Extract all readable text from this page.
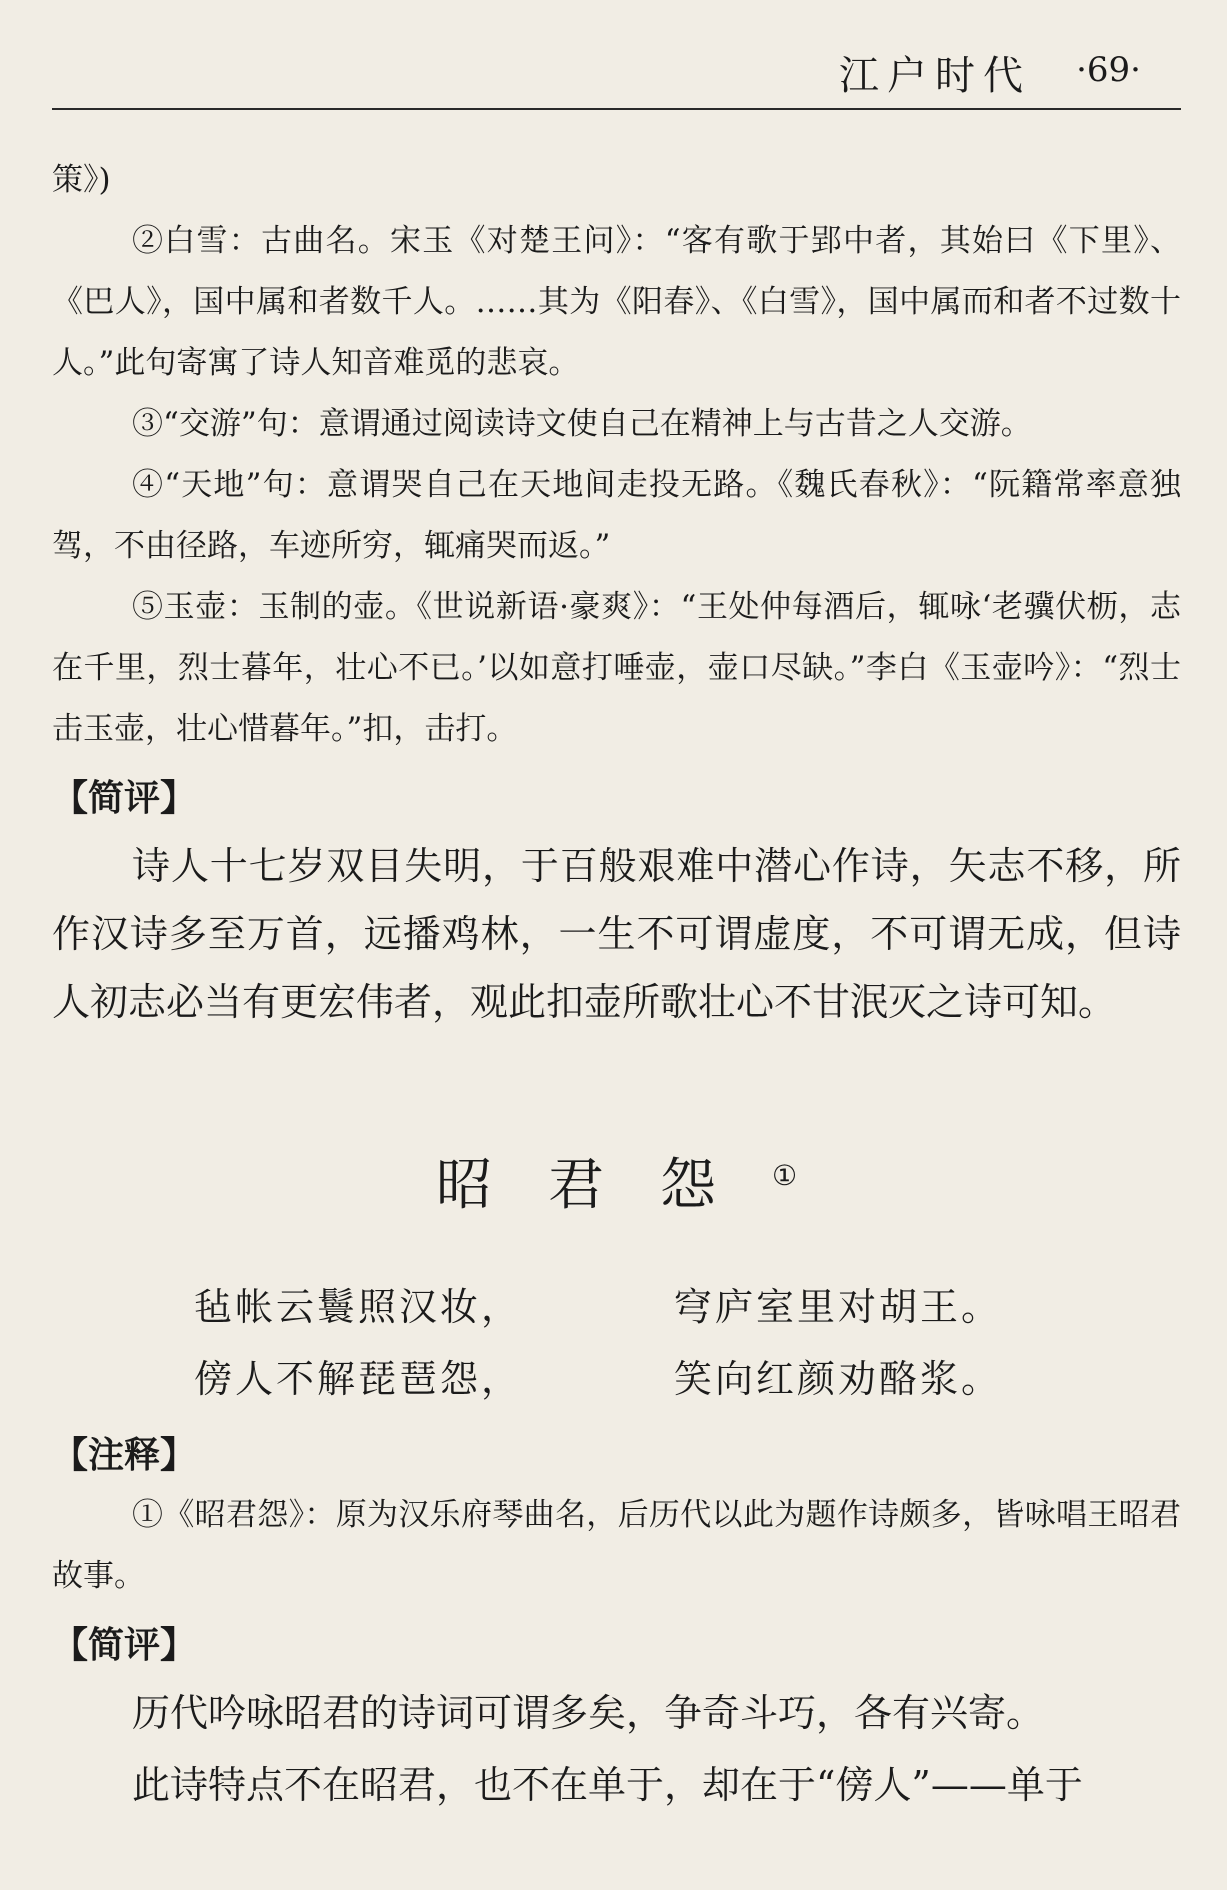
江户时代 ·69·

策》)

②白雪：古曲名。宋玉《对楚王问》：“客有歌于郢中者，其始曰《下里》、《巴人》，国中属和者数千人。……其为《阳春》、《白雪》，国中属而和者不过数十人。”此句寄寓了诗人知音难觅的悲哀。

③“交游”句：意谓通过阅读诗文使自己在精神上与古昔之人交游。

④“天地”句：意谓哭自己在天地间走投无路。《魏氏春秋》：“阮籍常率意独驾，不由径路，车迹所穷，辄痛哭而返。”

⑤玉壶：玉制的壶。《世说新语·豪爽》：“王处仲每酒后，辄咏‘老骥伏枥，志在千里，烈士暮年，壮心不已。’以如意打唾壶，壶口尽缺。”李白《玉壶吟》：“烈士击玉壶，壮心惜暮年。”扣，击打。

【简评】

诗人十七岁双目失明，于百般艰难中潜心作诗，矢志不移，所作汉诗多至万首，远播鸡林，一生不可谓虚度，不可谓无成，但诗人初志必当有更宏伟者，观此扣壶所歌壮心不甘泯灭之诗可知。

昭君怨①
毡帐云鬟照汉妆，	穹庐室里对胡王。
傍人不解琵琶怨，	笑向红颜劝酪浆。
【注释】

①《昭君怨》：原为汉乐府琴曲名，后历代以此为题作诗颇多，皆咏唱王昭君故事。

【简评】

历代吟咏昭君的诗词可谓多矣，争奇斗巧，各有兴寄。

此诗特点不在昭君，也不在单于，却在于“傍人”——单于
